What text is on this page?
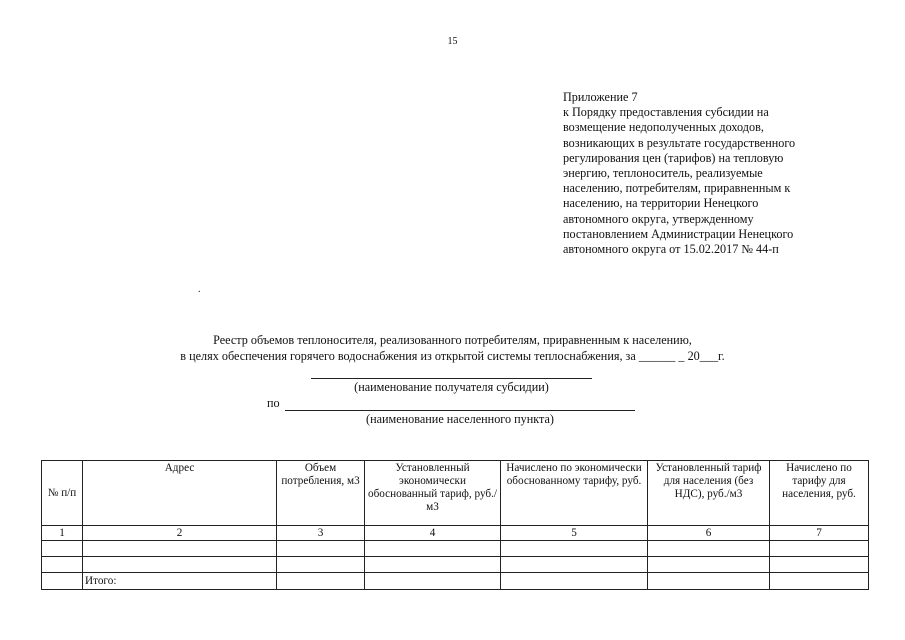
15
Приложение 7
к Порядку предоставления субсидии на
возмещение недополученных доходов,
возникающих в результате государственного
регулирования цен (тарифов) на тепловую
энергию, теплоноситель, реализуемые
населению, потребителям, приравненным к
населению, на территории Ненецкого
автономного округа, утвержденному
постановлением Администрации Ненецкого
автономного округа от 15.02.2017 № 44-п
.
Реестр объемов теплоносителя, реализованного потребителям, приравненным к населению,
в целях обеспечения горячего водоснабжения из открытой системы теплоснабжения, за ______ _ 20___г.
(наименование получателя субсидии)
по
(наименование населенного пункта)
№ п/п	Адрес	Объем потребления, м3	Установленный экономически обоснованный тариф, руб./м3	Начислено по экономически обоснованному тарифу, руб.	Установленный тариф для населения (без НДС), руб./м3	Начислено по тарифу для населения, руб.
1	2	3	4	5	6	7

	Итого:					
